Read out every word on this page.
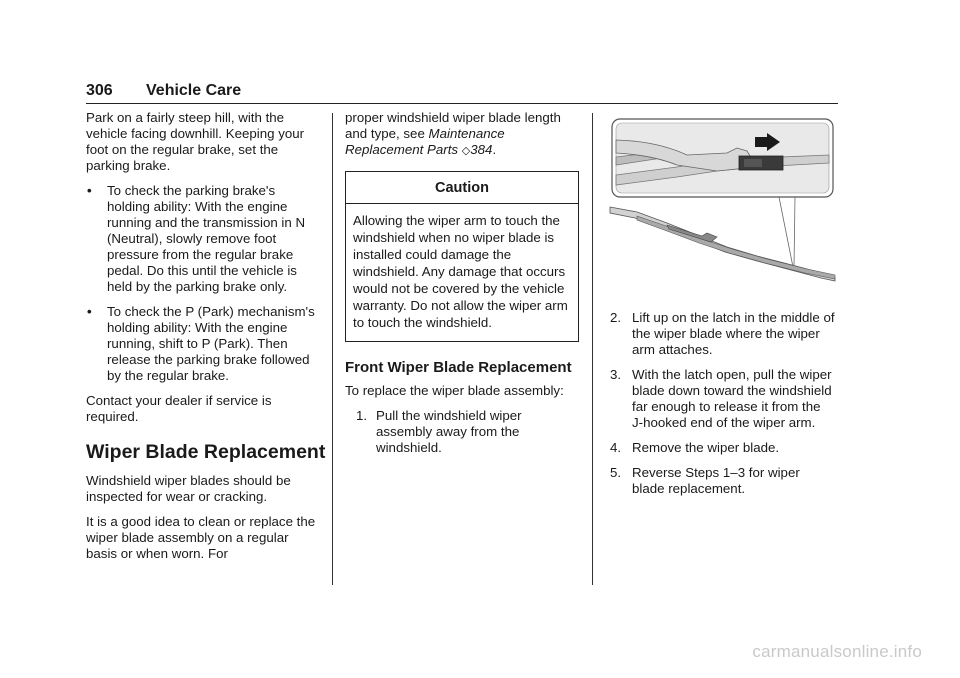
306 Vehicle Care

Park on a fairly steep hill, with the vehicle facing downhill. Keeping your foot on the regular brake, set the parking brake.

• To check the parking brake's holding ability: With the engine running and the transmission in N (Neutral), slowly remove foot pressure from the regular brake pedal. Do this until the vehicle is held by the parking brake only.
• To check the P (Park) mechanism's holding ability: With the engine running, shift to P (Park). Then release the parking brake followed by the regular brake.

Contact your dealer if service is required.

Wiper Blade Replacement

Windshield wiper blades should be inspected for wear or cracking.

It is a good idea to clean or replace the wiper blade assembly on a regular basis or when worn. For

proper windshield wiper blade length and type, see Maintenance Replacement Parts ◇384.

Caution
Allowing the wiper arm to touch the windshield when no wiper blade is installed could damage the windshield. Any damage that occurs would not be covered by the vehicle warranty. Do not allow the wiper arm to touch the windshield.
Front Wiper Blade Replacement

To replace the wiper blade assembly:

1. Pull the windshield wiper assembly away from the windshield.
2. Lift up on the latch in the middle of the wiper blade where the wiper arm attaches.
3. With the latch open, pull the wiper blade down toward the windshield far enough to release it from the J-hooked end of the wiper arm.
4. Remove the wiper blade.
5. Reverse Steps 1–3 for wiper blade replacement.
carmanualsonline.info
